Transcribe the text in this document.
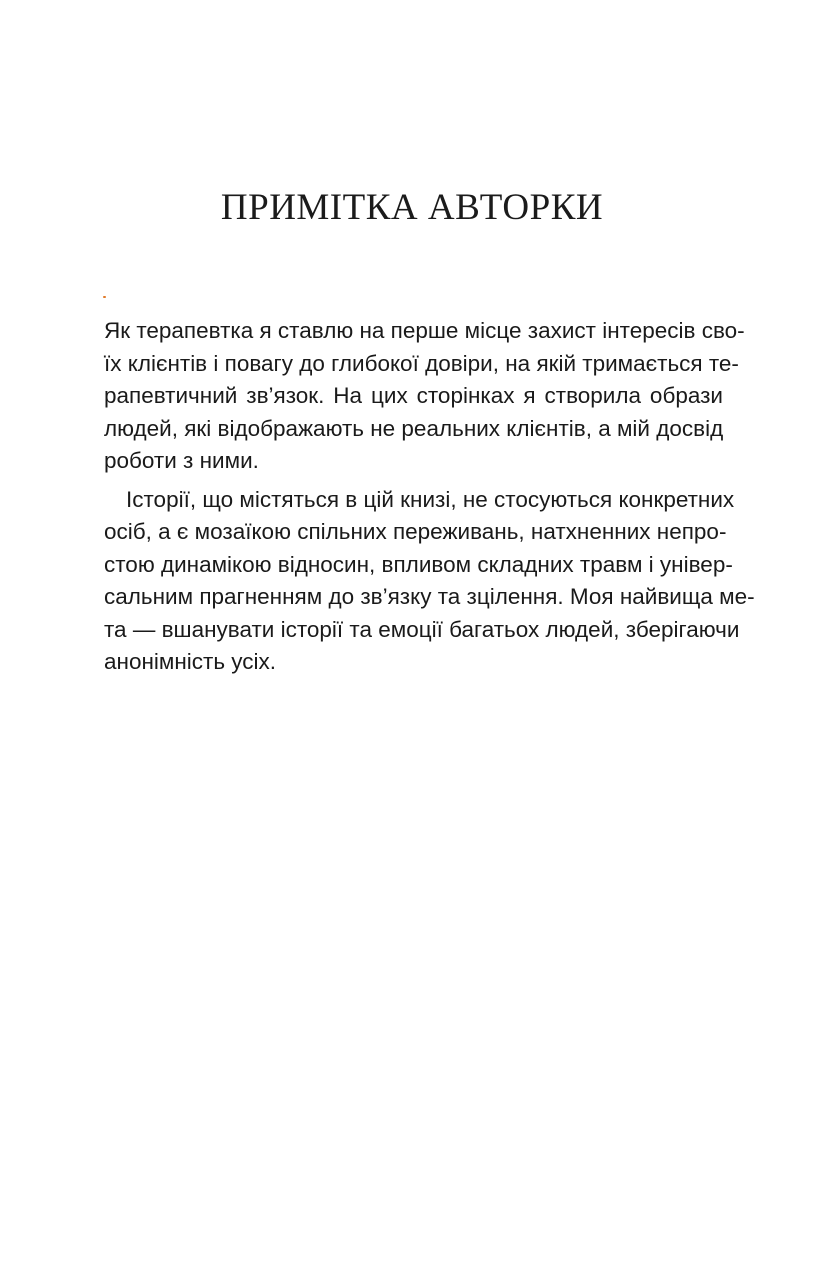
ПРИМІТКА АВТОРКИ
Як терапевтка я ставлю на перше місце захист інтересів сво-
їх клієнтів і повагу до глибокої довіри, на якій тримається те-
рапевтичний зв’язок. На цих сторінках я створила образи
людей, які відображають не реальних клієнтів, а мій досвід
роботи з ними.
Історії, що містяться в цій книзі, не стосуються конкретних
осіб, а є мозаїкою спільних переживань, натхненних непро-
стою динамікою відносин, впливом складних травм і універ-
сальним прагненням до зв’язку та зцілення. Моя найвища ме-
та — вшанувати історії та емоції багатьох людей, зберігаючи
анонімність усіх.
